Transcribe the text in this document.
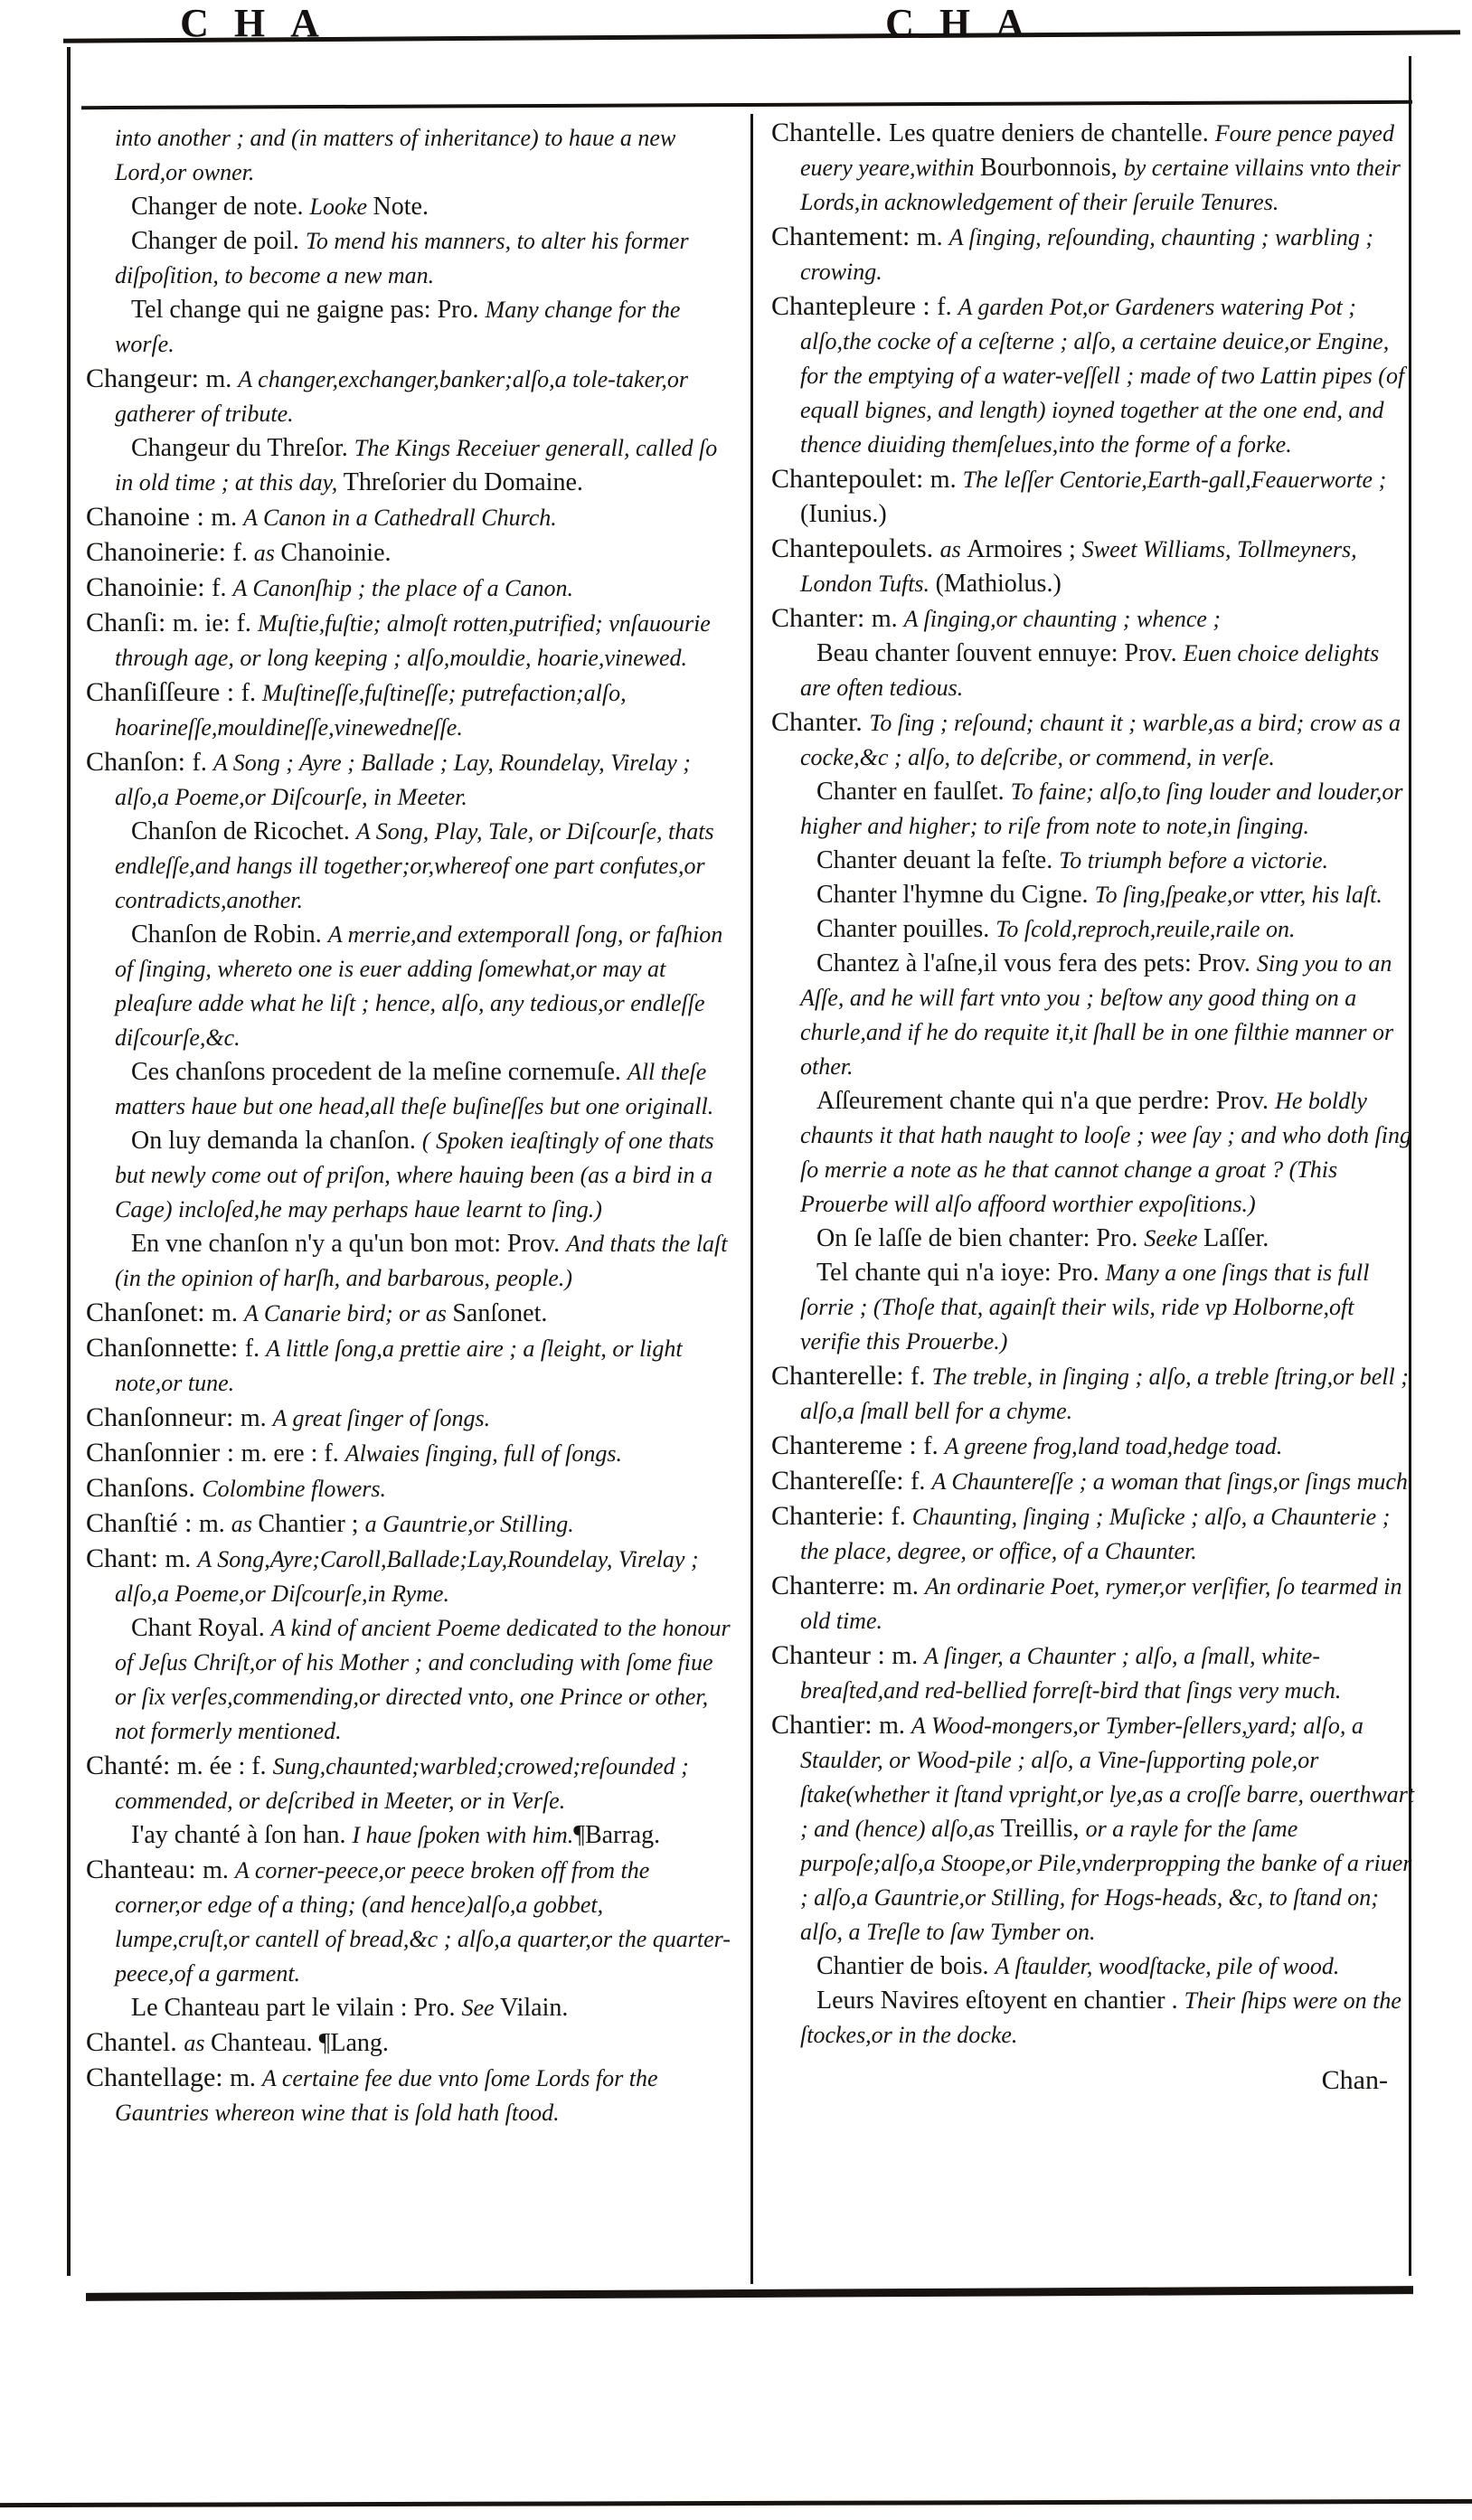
CHA	CHA

into another ; and (in matters of inheritance) to haue a new Lord,or owner.

Changer de note. Looke Note.

Changer de poil. To mend his manners, to alter his former diſpoſition, to become a new man.

Tel change qui ne gaigne pas: Pro. Many change for the worſe.

Changeur: m. A changer,exchanger,banker;alſo,a tole-taker,or gatherer of tribute.

Changeur du Threſor. The Kings Receiuer generall, called ſo in old time ; at this day, Threſorier du Domaine.

Chanoine : m. A Canon in a Cathedrall Church.

Chanoinerie: f. as Chanoinie.

Chanoinie: f. A Canonſhip ; the place of a Canon.

Chanſi: m. ie: f. Muſtie,fuſtie; almoſt rotten,putrified; vnſauourie through age, or long keeping ; alſo,mouldie, hoarie,vinewed.

Chanſiſſeure : f. Muſtineſſe,fuſtineſſe; putrefaction;alſo, hoarineſſe,mouldineſſe,vinewedneſſe.

Chanſon: f. A Song ; Ayre ; Ballade ; Lay, Roundelay, Virelay ; alſo,a Poeme,or Diſcourſe, in Meeter.

Chanſon de Ricochet. A Song, Play, Tale, or Diſcourſe, thats endleſſe,and hangs ill together;or,whereof one part confutes,or contradicts,another.

Chanſon de Robin. A merrie,and extemporall ſong, or faſhion of ſinging, whereto one is euer adding ſomewhat,or may at pleaſure adde what he liſt ; hence, alſo, any tedious,or endleſſe diſcourſe,&c.

Ces chanſons procedent de la meſine cornemuſe. All theſe matters haue but one head,all theſe buſineſſes but one originall.

On luy demanda la chanſon. ( Spoken ieaſtingly of one thats but newly come out of priſon, where hauing been (as a bird in a Cage) incloſed,he may perhaps haue learnt to ſing.)

En vne chanſon n'y a qu'un bon mot: Prov. And thats the laſt (in the opinion of harſh, and barbarous, people.)

Chanſonet: m. A Canarie bird; or as Sanſonet.

Chanſonnette: f. A little ſong,a prettie aire ; a ſleight, or light note,or tune.

Chanſonneur: m. A great ſinger of ſongs.

Chanſonnier : m. ere : f. Alwaies ſinging, full of ſongs.

Chanſons. Colombine flowers.

Chanſtié : m. as Chantier ; a Gauntrie,or Stilling.

Chant: m. A Song,Ayre;Caroll,Ballade;Lay,Roundelay, Virelay ; alſo,a Poeme,or Diſcourſe,in Ryme.

Chant Royal. A kind of ancient Poeme dedicated to the honour of Jeſus Chriſt,or of his Mother ; and concluding with ſome fiue or ſix verſes,commending,or directed vnto, one Prince or other, not formerly mentioned.

Chanté: m. ée : f. Sung,chaunted;warbled;crowed;reſounded ; commended, or deſcribed in Meeter, or in Verſe.

I'ay chanté à ſon han. I haue ſpoken with him.¶Barrag.

Chanteau: m. A corner-peece,or peece broken off from the corner,or edge of a thing; (and hence)alſo,a gobbet, lumpe,cruſt,or cantell of bread,&c ; alſo,a quarter,or the quarter-peece,of a garment.

Le Chanteau part le vilain : Pro. See Vilain.

Chantel. as Chanteau. ¶Lang.

Chantellage: m. A certaine fee due vnto ſome Lords for the Gauntries whereon wine that is ſold hath ſtood.

Chantelle. Les quatre deniers de chantelle. Foure pence payed euery yeare,within Bourbonnois, by certaine villains vnto their Lords,in acknowledgement of their ſeruile Tenures.

Chantement: m. A ſinging, reſounding, chaunting ; warbling ; crowing.

Chantepleure : f. A garden Pot,or Gardeners watering Pot ; alſo,the cocke of a ceſterne ; alſo, a certaine deuice,or Engine, for the emptying of a water-veſſell ; made of two Lattin pipes (of equall bignes, and length) ioyned together at the one end, and thence diuiding themſelues,into the forme of a forke.

Chantepoulet: m. The leſſer Centorie,Earth-gall,Feauerworte ; (Iunius.)

Chantepoulets. as Armoires ; Sweet Williams, Tollmeyners, London Tufts. (Mathiolus.)

Chanter: m. A ſinging,or chaunting ; whence ;

Beau chanter ſouvent ennuye: Prov. Euen choice delights are often tedious.

Chanter. To ſing ; reſound; chaunt it ; warble,as a bird; crow as a cocke,&c ; alſo, to deſcribe, or commend, in verſe.

Chanter en faulſet. To faine; alſo,to ſing louder and louder,or higher and higher; to riſe from note to note,in ſinging.

Chanter deuant la feſte. To triumph before a victorie.

Chanter l'hymne du Cigne. To ſing,ſpeake,or vtter, his laſt.

Chanter pouilles. To ſcold,reproch,reuile,raile on.

Chantez à l'aſne,il vous fera des pets: Prov. Sing you to an Aſſe, and he will fart vnto you ; beſtow any good thing on a churle,and if he do requite it,it ſhall be in one filthie manner or other.

Aſſeurement chante qui n'a que perdre: Prov. He boldly chaunts it that hath naught to looſe ; wee ſay ; and who doth ſing ſo merrie a note as he that cannot change a groat ? (This Prouerbe will alſo affoord worthier expoſitions.)

On ſe laſſe de bien chanter: Pro. Seeke Laſſer.

Tel chante qui n'a ioye: Pro. Many a one ſings that is full ſorrie ; (Thoſe that, againſt their wils, ride vp Holborne,oft verifie this Prouerbe.)

Chanterelle: f. The treble, in ſinging ; alſo, a treble ſtring,or bell ; alſo,a ſmall bell for a chyme.

Chantereme : f. A greene frog,land toad,hedge toad.

Chantereſſe: f. A Chauntereſſe ; a woman that ſings,or ſings much.

Chanterie: f. Chaunting, ſinging ; Muſicke ; alſo, a Chaunterie ; the place, degree, or office, of a Chaunter.

Chanterre: m. An ordinarie Poet, rymer,or verſifier, ſo tearmed in old time.

Chanteur : m. A ſinger, a Chaunter ; alſo, a ſmall, white-breaſted,and red-bellied forreſt-bird that ſings very much.

Chantier: m. A Wood-mongers,or Tymber-ſellers,yard; alſo, a Staulder, or Wood-pile ; alſo, a Vine-ſupporting pole,or ſtake(whether it ſtand vpright,or lye,as a croſſe barre, ouerthwart ; and (hence) alſo,as Treillis, or a rayle for the ſame purpoſe;alſo,a Stoope,or Pile,vnderpropping the banke of a riuer ; alſo,a Gauntrie,or Stilling, for Hogs-heads, &c, to ſtand on; alſo, a Treſle to ſaw Tymber on.

Chantier de bois. A ſtaulder, woodſtacke, pile of wood.

Leurs Navires eſtoyent en chantier . Their ſhips were on the ſtockes,or in the docke.

Chan-
